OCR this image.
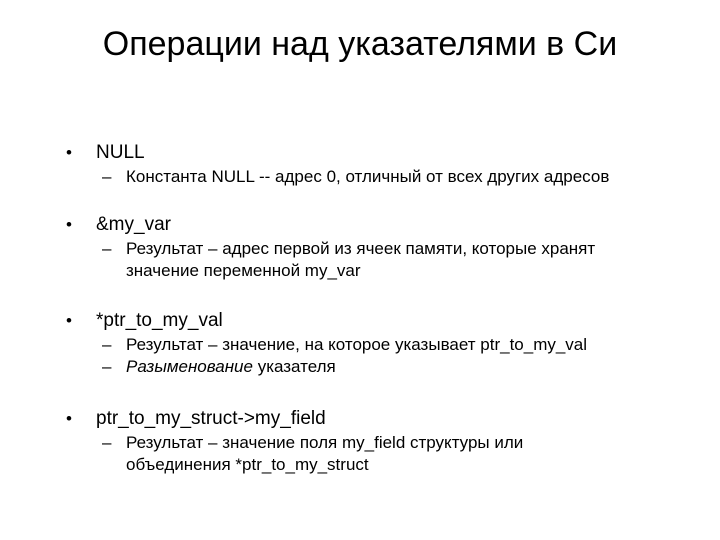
Операции над указателями в Си
•	NULL
– Константа NULL -- адрес 0, отличный от всех других адресов
•	&my_var
– Результат – адрес первой из ячеек памяти, которые хранят
значение переменной my_var
•	*ptr_to_my_val
– Результат – значение, на которое указывает ptr_to_my_val
– Разыменование указателя
•	ptr_to_my_struct->my_field
– Результат – значение поля my_field структуры или
объединения *ptr_to_my_struct
